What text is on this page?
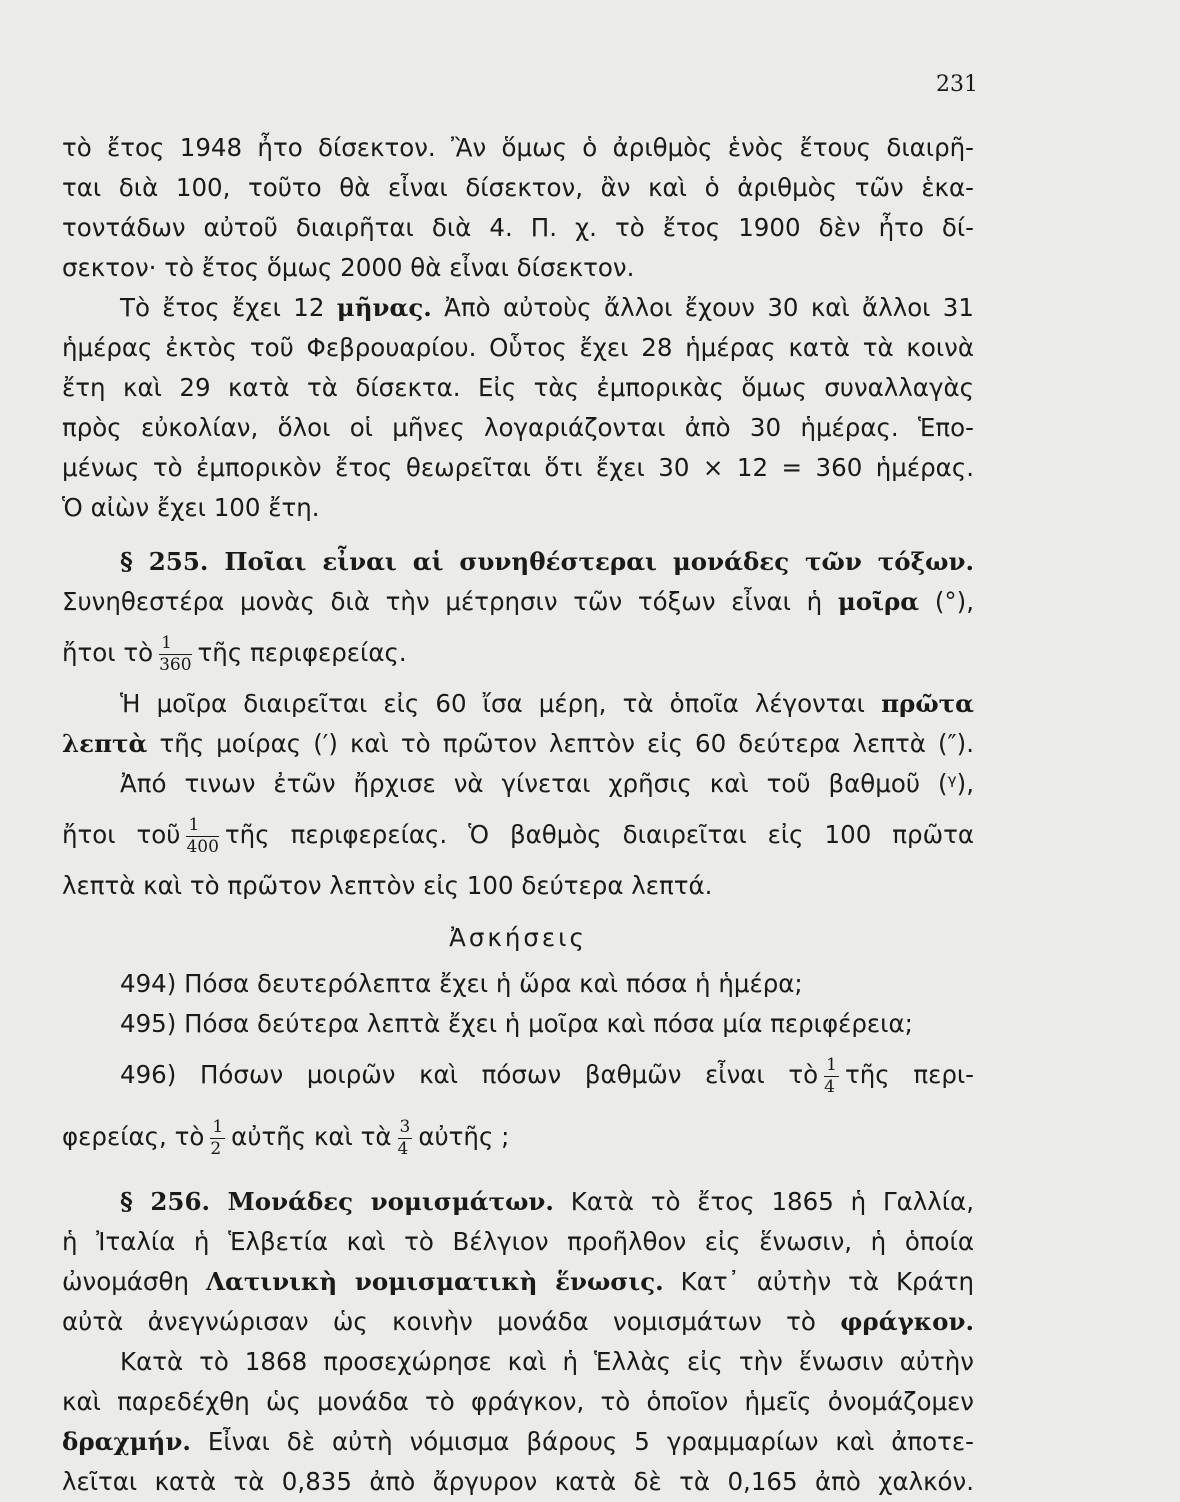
231
τὸ ἔτος 1948 ἦτο δίσεκτον. Ἂν ὅμως ὁ ἀριθμὸς ἑνὸς ἔτους διαιρῆ-
ται διὰ 100, τοῦτο θὰ εἶναι δίσεκτον, ἂν καὶ ὁ ἀριθμὸς τῶν ἑκα-
τοντάδων αὐτοῦ διαιρῆται διὰ 4. Π. χ. τὸ ἔτος 1900 δὲν ἦτο δί-
σεκτον· τὸ ἔτος ὅμως 2000 θὰ εἶναι δίσεκτον.
Τὸ ἔτος ἔχει 12 μῆνας. Ἀπὸ αὐτοὺς ἄλλοι ἔχουν 30 καὶ ἄλλοι 31
ἡμέρας ἐκτὸς τοῦ Φεβρουαρίου. Οὗτος ἔχει 28 ἡμέρας κατὰ τὰ κοινὰ
ἔτη καὶ 29 κατὰ τὰ δίσεκτα. Εἰς τὰς ἐμπορικὰς ὅμως συναλλαγὰς
πρὸς εὐκολίαν, ὅλοι οἱ μῆνες λογαριάζονται ἀπὸ 30 ἡμέρας. Ἑπο-
μένως τὸ ἐμπορικὸν ἔτος θεωρεῖται ὅτι ἔχει 30 × 12 = 360 ἡμέρας.
Ὁ αἰὼν ἔχει 100 ἔτη.
§ 255. Ποῖαι εἶναι αἱ συνηθέστεραι μονάδες τῶν τόξων.
Συνηθεστέρα μονὰς διὰ τὴν μέτρησιν τῶν τόξων εἶναι ἡ μοῖρα (°),
ἤτοι τὸ $\frac{1}{360}$ τῆς περιφερείας.
Ἡ μοῖρα διαιρεῖται εἰς 60 ἴσα μέρη, τὰ ὁποῖα λέγονται πρῶτα
λεπτὰ τῆς μοίρας (′) καὶ τὸ πρῶτον λεπτὸν εἰς 60 δεύτερα λεπτὰ (″).
Ἀπό τινων ἐτῶν ἤρχισε νὰ γίνεται χρῆσις καὶ τοῦ βαθμοῦ (ᵞ),
ἤτοι τοῦ $\frac{1}{400}$ τῆς περιφερείας. Ὁ βαθμὸς διαιρεῖται εἰς 100 πρῶτα
λεπτὰ καὶ τὸ πρῶτον λεπτὸν εἰς 100 δεύτερα λεπτά.
Ἀσκήσεις
494) Πόσα δευτερόλεπτα ἔχει ἡ ὥρα καὶ πόσα ἡ ἡμέρα;
495) Πόσα δεύτερα λεπτὰ ἔχει ἡ μοῖρα καὶ πόσα μία περιφέρεια;
496) Πόσων μοιρῶν καὶ πόσων βαθμῶν εἶναι τὸ $\frac{1}{4}$ τῆς περι-
φερείας, τὸ $\frac{1}{2}$ αὐτῆς καὶ τὰ $\frac{3}{4}$ αὐτῆς ;
§ 256. Μονάδες νομισμάτων. Κατὰ τὸ ἔτος 1865 ἡ Γαλλία,
ἡ Ἰταλία ἡ Ἑλβετία καὶ τὸ Βέλγιον προῆλθον εἰς ἕνωσιν, ἡ ὁποία
ὠνομάσθη Λατινικὴ νομισματικὴ ἕνωσις. Κατ᾿ αὐτὴν τὰ Κράτη
αὐτὰ ἀνεγνώρισαν ὡς κοινὴν μονάδα νομισμάτων τὸ φράγκον.
Κατὰ τὸ 1868 προσεχώρησε καὶ ἡ Ἑλλὰς εἰς τὴν ἕνωσιν αὐτὴν
καὶ παρεδέχθη ὡς μονάδα τὸ φράγκον, τὸ ὁποῖον ἡμεῖς ὀνομάζομεν
δραχμήν. Εἶναι δὲ αὐτὴ νόμισμα βάρους 5 γραμμαρίων καὶ ἀποτε-
λεῖται κατὰ τὰ 0,835 ἀπὸ ἄργυρον κατὰ δὲ τὰ 0,165 ἀπὸ χαλκόν.
